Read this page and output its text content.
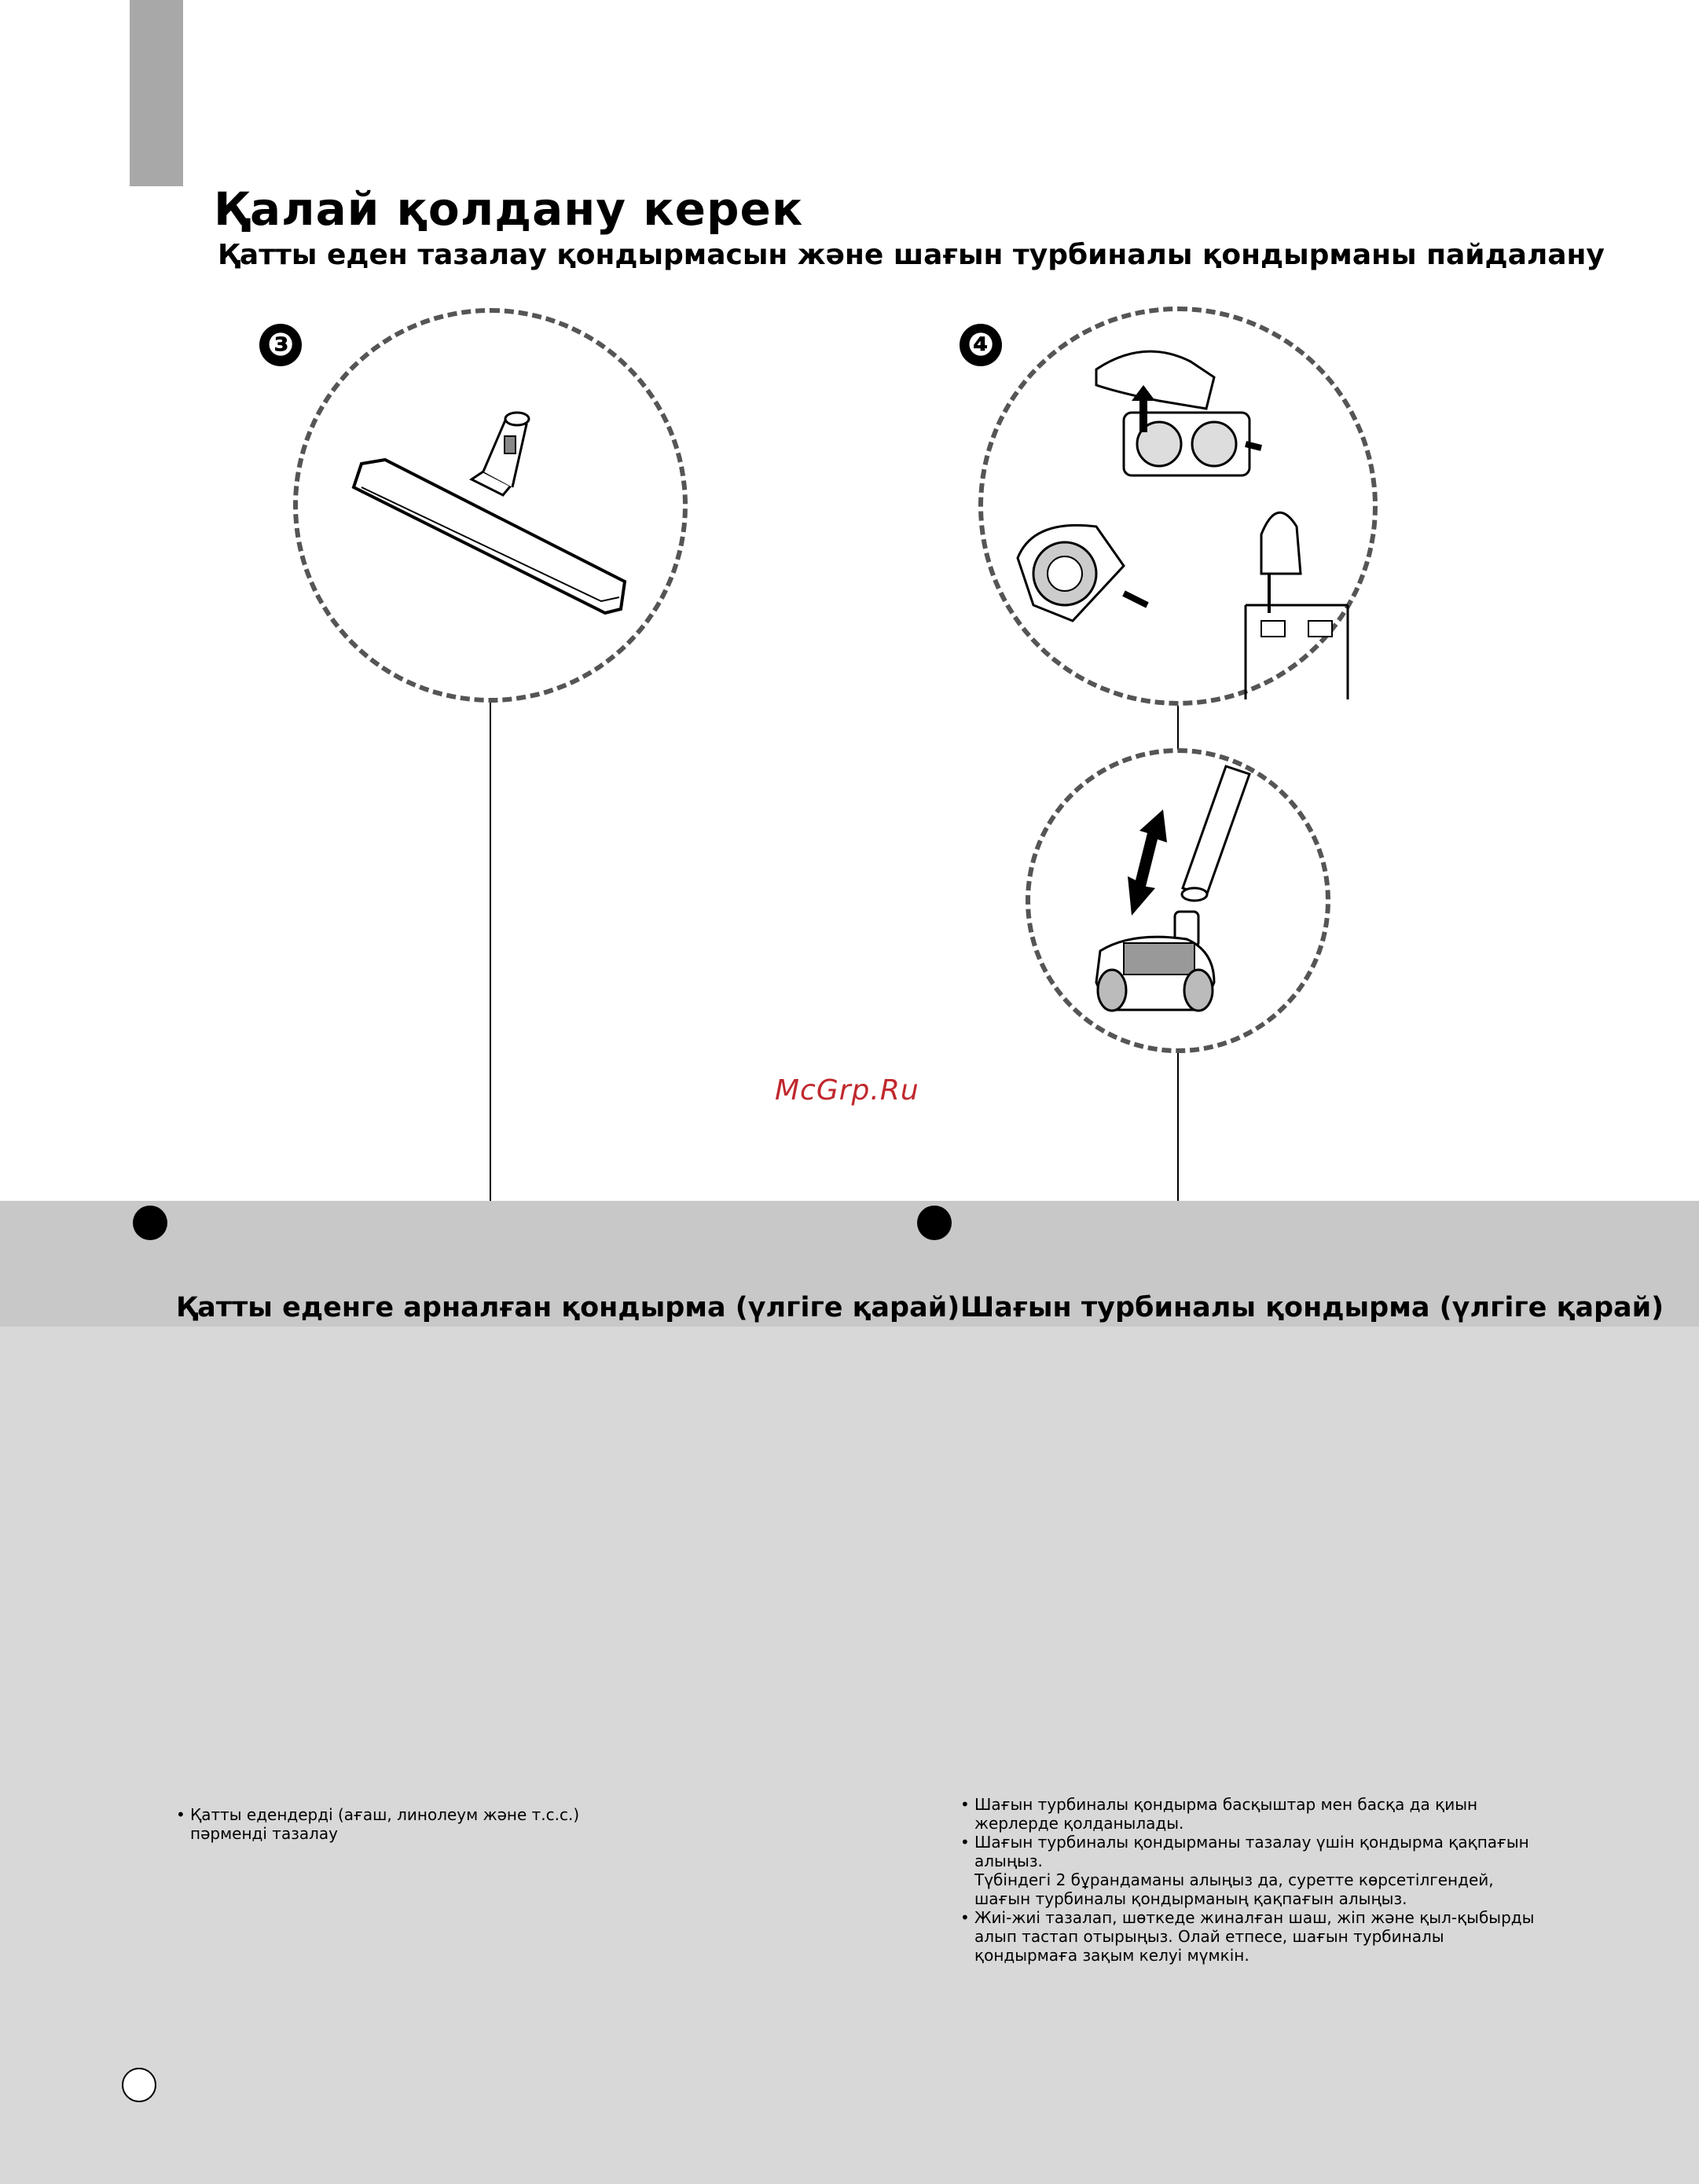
Қалай қолдану керек
Қатты еден тазалау қондырмасын және шағын турбиналы қондырманы пайдалану
❸	❹
McGrp.Ru
Қатты еденге арналған қондырма (үлгіге қарай) Шағын турбиналы қондырма (үлгіге қарай)
• Қатты едендерді (ағаш, линолеум және т.с.с.)
пәрменді тазалау
• Шағын турбиналы қондырма басқыштар мен басқа да қиын
жерлерде қолданылады.
• Шағын турбиналы қондырманы тазалау үшін қондырма қақпағын
алыңыз.
Түбіндегі 2 бұрандаманы алыңыз да, суретте көрсетілгендей,
шағын турбиналы қондырманың қақпағын алыңыз.
• Жиі-жиі тазалап, шөткеде жиналған шаш, жіп және қыл-қыбырды
алып тастап отырыңыз. Олай етпесе, шағын турбиналы
қондырмаға зақым келуі мүмкін.
